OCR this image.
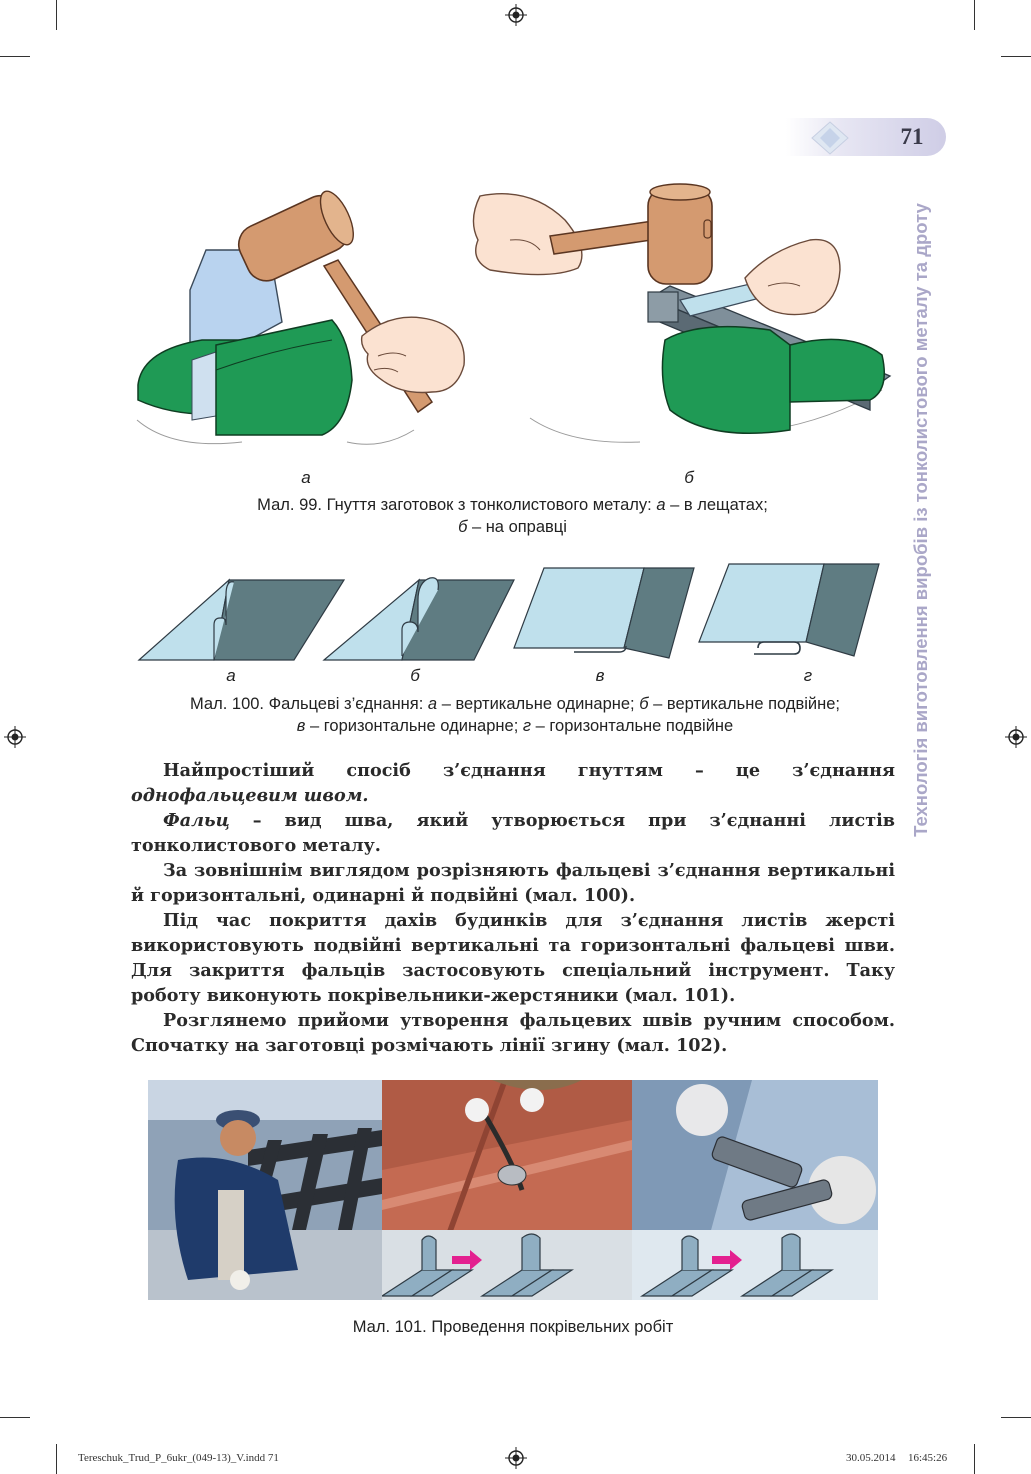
71
Технологія виготовлення виробів із тонколистового металу та дроту
а	б
Мал. 99. Гнуття заготовок з тонколистового металу: а – в лещатах;
б – на оправці
а	б	в	г
Мал. 100. Фальцеві з’єднання: а – вертикальне одинарне; б – вертикальне подвійне;
в – горизонтальне одинарне; г – горизонтальне подвійне

Найпростіший спосіб з’єднання гнуттям – це з’єднання однофальцевим швом.

Фальц – вид шва, який утворюється при з’єднанні листів тонколистового металу.

За зовнішнім виглядом розрізняють фальцеві з’єднання вертикальні й горизонтальні, одинарні й подвійні (мал. 100).

Під час покриття дахів будинків для з’єднання листів жерсті використовують подвійні вертикальні та горизонтальні фальцеві шви. Для закриття фальців застосовують спеціальний інструмент. Таку роботу виконують покрівельники-жерстяники (мал. 101).

Розглянемо прийоми утворення фальцевих швів ручним способом. Спочатку на заготовці розмічають лінії згину (мал. 102).

Мал. 101. Проведення покрівельних робіт
Tereschuk_Trud_P_6ukr_(049-13)_V.indd 71	30.05.2014 16:45:26
